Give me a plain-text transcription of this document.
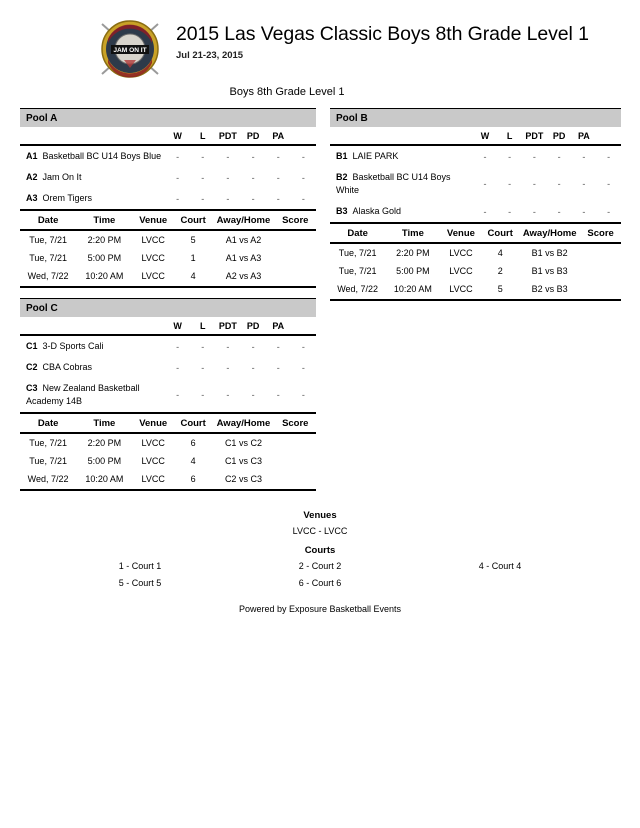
JAM ON IT
2015 Las Vegas Classic Boys 8th Grade Level 1
Jul 21-23, 2015
Boys 8th Grade Level 1
Pool A
	W	L	PDT	PD	PA	
A1 Basketball BC U14 Boys Blue	-	-	-	-	-	-
A2 Jam On It	-	-	-	-	-	-
A3 Orem Tigers	-	-	-	-	-	-
Date	Time	Venue	Court	Away/Home	Score
Tue, 7/21	2:20 PM	LVCC	5	A1 vs A2	
Tue, 7/21	5:00 PM	LVCC	1	A1 vs A3	
Wed, 7/22	10:20 AM	LVCC	4	A2 vs A3	
Pool B
	W	L	PDT	PD	PA	
B1 LAIE PARK	-	-	-	-	-	-
B2 Basketball BC U14 Boys White	-	-	-	-	-	-
B3 Alaska Gold	-	-	-	-	-	-
Date	Time	Venue	Court	Away/Home	Score
Tue, 7/21	2:20 PM	LVCC	4	B1 vs B2	
Tue, 7/21	5:00 PM	LVCC	2	B1 vs B3	
Wed, 7/22	10:20 AM	LVCC	5	B2 vs B3	
Pool C
	W	L	PDT	PD	PA	
C1 3-D Sports Cali	-	-	-	-	-	-
C2 CBA Cobras	-	-	-	-	-	-
C3 New Zealand Basketball Academy 14B	-	-	-	-	-	-
Date	Time	Venue	Court	Away/Home	Score
Tue, 7/21	2:20 PM	LVCC	6	C1 vs C2	
Tue, 7/21	5:00 PM	LVCC	4	C1 vs C3	
Wed, 7/22	10:20 AM	LVCC	6	C2 vs C3	
Venues
LVCC - LVCC
Courts
1 - Court 1	2 - Court 2	4 - Court 4
5 - Court 5	6 - Court 6
Powered by Exposure Basketball Events
